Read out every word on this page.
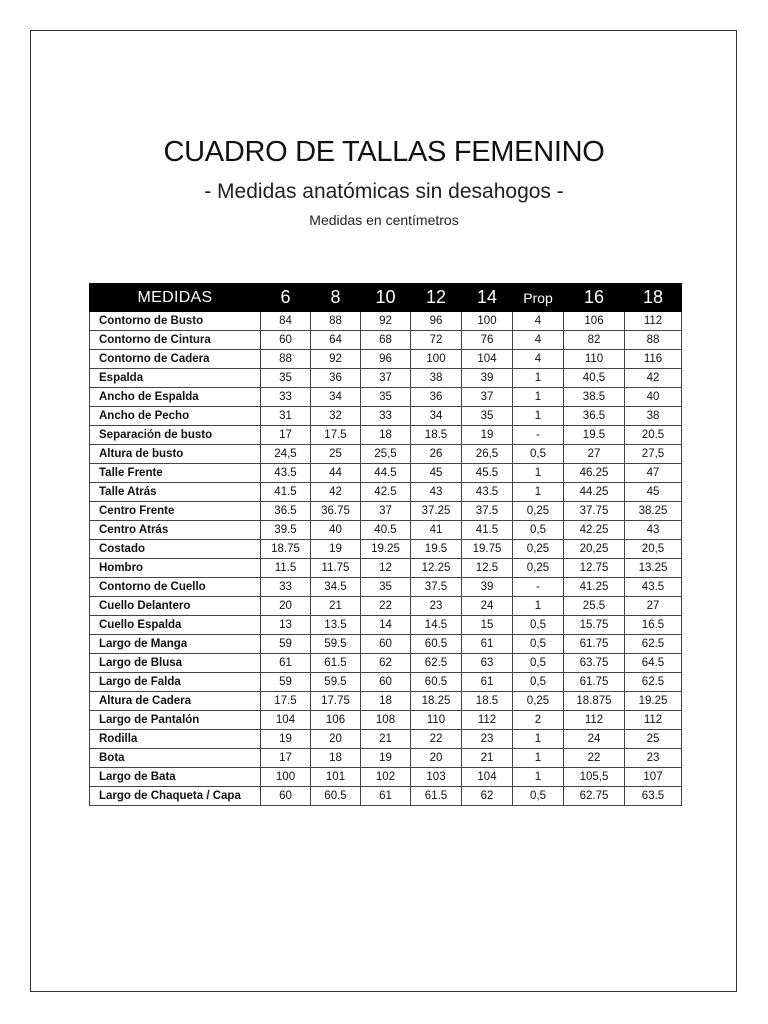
CUADRO DE TALLAS FEMENINO
- Medidas anatómicas sin desahogos -
Medidas en centímetros
MEDIDAS	6	8	10	12	14	Prop	16	18
Contorno de Busto	84	88	92	96	100	4	106	112
Contorno de Cintura	60	64	68	72	76	4	82	88
Contorno de Cadera	88	92	96	100	104	4	110	116
Espalda	35	36	37	38	39	1	40,5	42
Ancho de Espalda	33	34	35	36	37	1	38.5	40
Ancho de Pecho	31	32	33	34	35	1	36.5	38
Separación de busto	17	17.5	18	18.5	19	-	19.5	20.5
Altura de busto	24,5	25	25,5	26	26,5	0,5	27	27,5
Talle Frente	43.5	44	44.5	45	45.5	1	46.25	47
Talle Atrás	41.5	42	42.5	43	43.5	1	44.25	45
Centro Frente	36.5	36.75	37	37.25	37.5	0,25	37.75	38.25
Centro Atrás	39.5	40	40.5	41	41.5	0,5	42.25	43
Costado	18.75	19	19.25	19.5	19.75	0,25	20,25	20,5
Hombro	11.5	11.75	12	12.25	12.5	0,25	12.75	13.25
Contorno de Cuello	33	34.5	35	37.5	39	-	41.25	43.5
Cuello Delantero	20	21	22	23	24	1	25.5	27
Cuello Espalda	13	13.5	14	14.5	15	0,5	15.75	16.5
Largo de Manga	59	59.5	60	60.5	61	0,5	61.75	62.5
Largo de Blusa	61	61.5	62	62.5	63	0,5	63.75	64.5
Largo de Falda	59	59.5	60	60.5	61	0,5	61.75	62.5
Altura de Cadera	17.5	17.75	18	18.25	18.5	0,25	18.875	19.25
Largo de Pantalón	104	106	108	110	112	2	112	112
Rodilla	19	20	21	22	23	1	24	25
Bota	17	18	19	20	21	1	22	23
Largo de Bata	100	101	102	103	104	1	105,5	107
Largo de Chaqueta / Capa	60	60.5	61	61.5	62	0,5	62.75	63.5
